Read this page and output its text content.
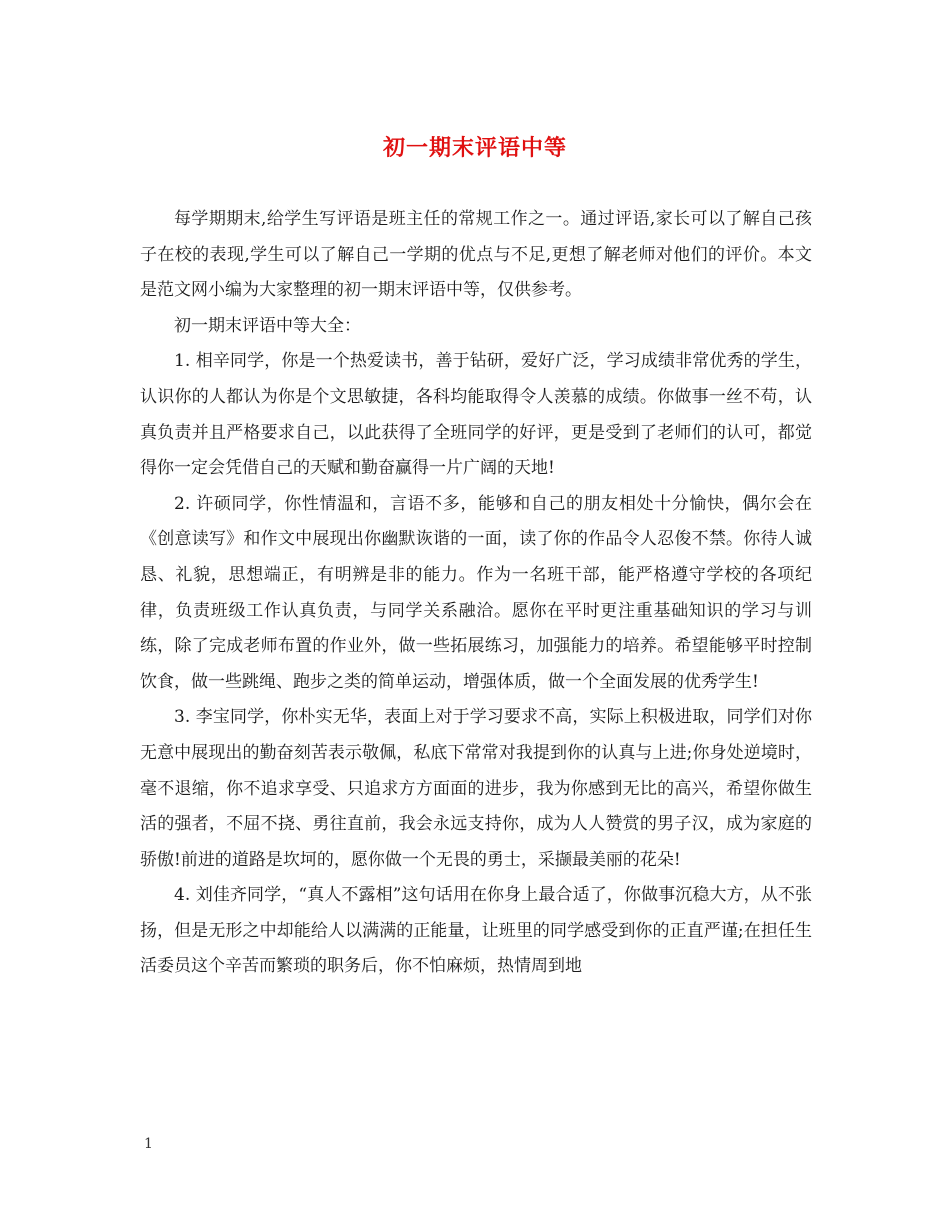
初一期末评语中等

每学期期末,给学生写评语是班主任的常规工作之一。通过评语,家长可以了解自己孩子在校的表现,学生可以了解自己一学期的优点与不足,更想了解老师对他们的评价。本文是范文网小编为大家整理的初一期末评语中等，仅供参考。

初一期末评语中等大全：

1. 相辛同学，你是一个热爱读书，善于钻研，爱好广泛，学习成绩非常优秀的学生，认识你的人都认为你是个文思敏捷，各科均能取得令人羡慕的成绩。你做事一丝不苟，认真负责并且严格要求自己，以此获得了全班同学的好评，更是受到了老师们的认可，都觉得你一定会凭借自己的天赋和勤奋赢得一片广阔的天地!

2. 许硕同学，你性情温和，言语不多，能够和自己的朋友相处十分愉快，偶尔会在《创意读写》和作文中展现出你幽默诙谐的一面，读了你的作品令人忍俊不禁。你待人诚恳、礼貌，思想端正，有明辨是非的能力。作为一名班干部，能严格遵守学校的各项纪律，负责班级工作认真负责，与同学关系融洽。愿你在平时更注重基础知识的学习与训练，除了完成老师布置的作业外，做一些拓展练习，加强能力的培养。希望能够平时控制饮食，做一些跳绳、跑步之类的简单运动，增强体质，做一个全面发展的优秀学生!

3. 李宝同学，你朴实无华，表面上对于学习要求不高，实际上积极进取，同学们对你无意中展现出的勤奋刻苦表示敬佩，私底下常常对我提到你的认真与上进;你身处逆境时，毫不退缩，你不追求享受、只追求方方面面的进步，我为你感到无比的高兴，希望你做生活的强者，不屈不挠、勇往直前，我会永远支持你，成为人人赞赏的男子汉，成为家庭的骄傲!前进的道路是坎坷的，愿你做一个无畏的勇士，采撷最美丽的花朵!

4. 刘佳齐同学，“真人不露相”这句话用在你身上最合适了，你做事沉稳大方，从不张扬，但是无形之中却能给人以满满的正能量，让班里的同学感受到你的正直严谨;在担任生活委员这个辛苦而繁琐的职务后，你不怕麻烦，热情周到地

1
